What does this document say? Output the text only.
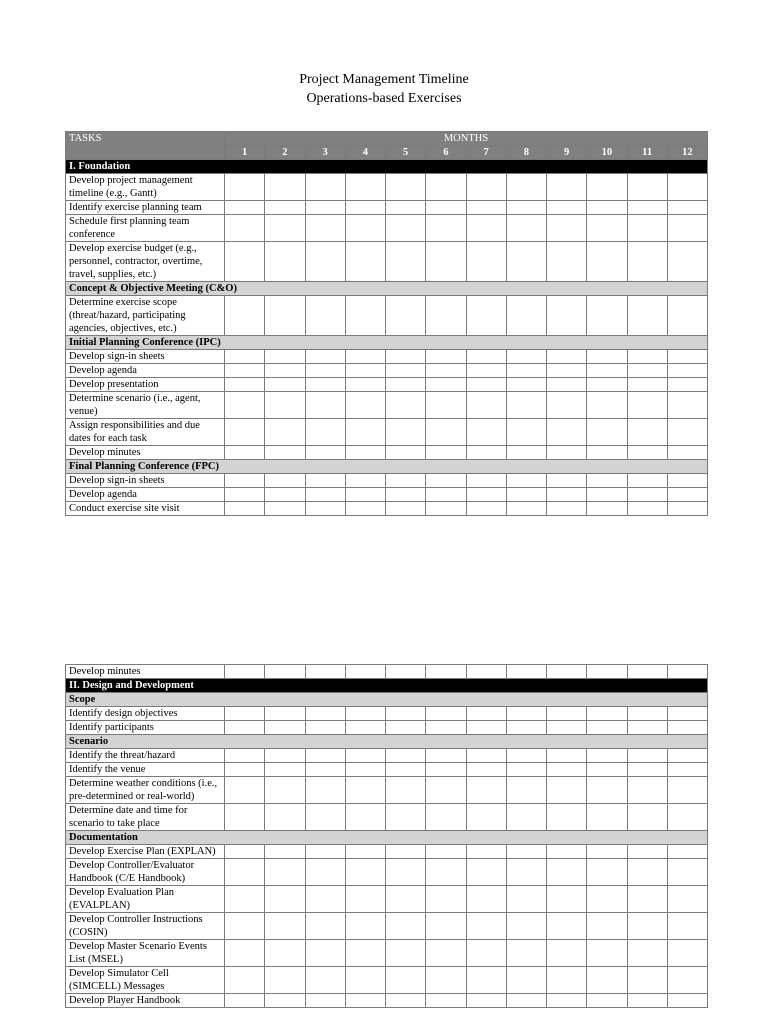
Project Management Timeline
Operations-based Exercises
TASKS	MONTHS											
	1	2	3	4	5	6	7	8	9	10	11	12
I. Foundation												
Develop project management timeline (e.g., Gantt)												
Identify exercise planning team												
Schedule first planning team conference												
Develop exercise budget (e.g., personnel, contractor, overtime, travel, supplies, etc.)												
Concept & Objective Meeting (C&O)												
Determine exercise scope (threat/hazard, participating agencies, objectives, etc.)												
Initial Planning Conference (IPC)												
Develop sign-in sheets												
Develop agenda												
Develop presentation												
Determine scenario (i.e., agent, venue)												
Assign responsibilities and due dates for each task												
Develop minutes												
Final Planning Conference (FPC)												
Develop sign-in sheets												
Develop agenda												
Conduct exercise site visit												
Develop minutes												
II. Design and Development												
Scope												
Identify design objectives												
Identify participants												
Scenario												
Identify the threat/hazard												
Identify the venue												
Determine weather conditions (i.e., pre-determined or real-world)												
Determine date and time for scenario to take place												
Documentation												
Develop Exercise Plan (EXPLAN)												
Develop Controller/Evaluator Handbook (C/E Handbook)												
Develop Evaluation Plan (EVALPLAN)												
Develop Controller Instructions (COSIN)												
Develop Master Scenario Events List (MSEL)												
Develop Simulator Cell (SIMCELL) Messages												
Develop Player Handbook												
